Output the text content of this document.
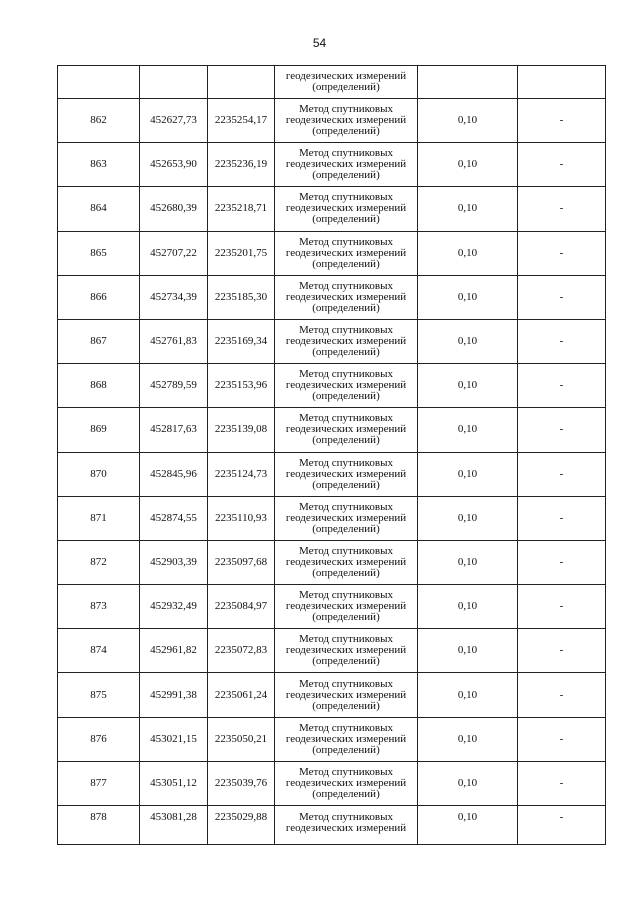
54

			геодезических измерений
(определений)		

862	452627,73	2235254,17	Метод спутниковых
геодезических измерений
(определений)	0,10	-
863	452653,90	2235236,19	Метод спутниковых
геодезических измерений
(определений)	0,10	-
864	452680,39	2235218,71	Метод спутниковых
геодезических измерений
(определений)	0,10	-
865	452707,22	2235201,75	Метод спутниковых
геодезических измерений
(определений)	0,10	-
866	452734,39	2235185,30	Метод спутниковых
геодезических измерений
(определений)	0,10	-
867	452761,83	2235169,34	Метод спутниковых
геодезических измерений
(определений)	0,10	-
868	452789,59	2235153,96	Метод спутниковых
геодезических измерений
(определений)	0,10	-
869	452817,63	2235139,08	Метод спутниковых
геодезических измерений
(определений)	0,10	-
870	452845,96	2235124,73	Метод спутниковых
геодезических измерений
(определений)	0,10	-
871	452874,55	2235110,93	Метод спутниковых
геодезических измерений
(определений)	0,10	-
872	452903,39	2235097,68	Метод спутниковых
геодезических измерений
(определений)	0,10	-
873	452932,49	2235084,97	Метод спутниковых
геодезических измерений
(определений)	0,10	-
874	452961,82	2235072,83	Метод спутниковых
геодезических измерений
(определений)	0,10	-
875	452991,38	2235061,24	Метод спутниковых
геодезических измерений
(определений)	0,10	-
876	453021,15	2235050,21	Метод спутниковых
геодезических измерений
(определений)	0,10	-
877	453051,12	2235039,76	Метод спутниковых
геодезических измерений
(определений)	0,10	-
878	453081,28	2235029,88	Метод спутниковых
геодезических измерений	0,10	-
